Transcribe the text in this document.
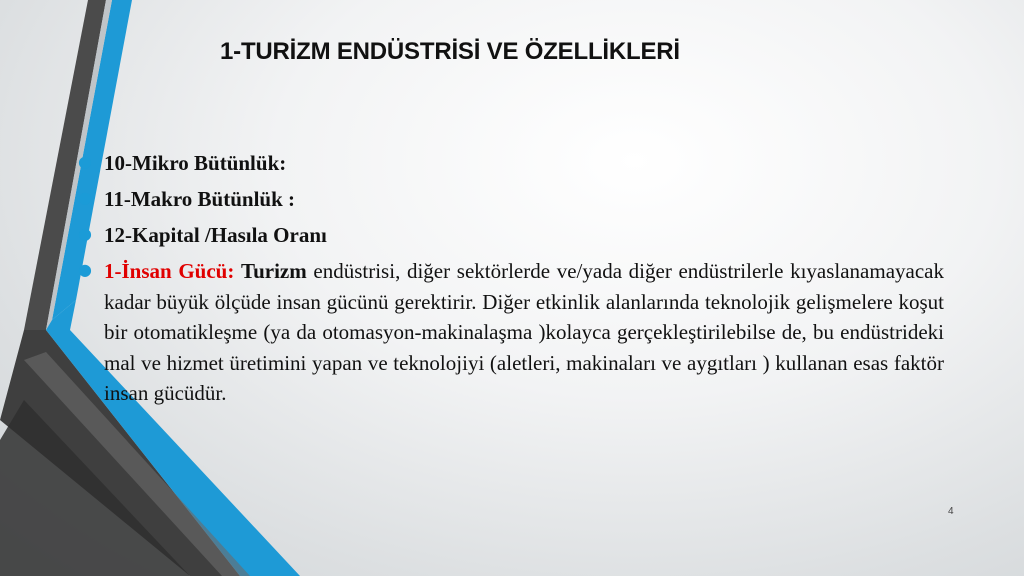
1-TURİZM ENDÜSTRİSİ VE ÖZELLİKLERİ
● 10-Mikro Bütünlük:
● 11-Makro Bütünlük :
● 12-Kapital /Hasıla Oranı
● 1-İnsan Gücü: Turizm endüstrisi, diğer sektörlerde ve/yada diğer endüstrilerle kıyaslanamayacak kadar büyük ölçüde insan gücünü gerektirir. Diğer etkinlik alanlarında teknolojik gelişmelere koşut bir otomatikleşme (ya da otomasyon-makinalaşma )kolayca gerçekleştirilebilse de, bu endüstrideki mal ve hizmet üretimini yapan ve teknolojiyi (aletleri, makinaları ve aygıtları ) kullanan esas faktör insan gücüdür.
4
